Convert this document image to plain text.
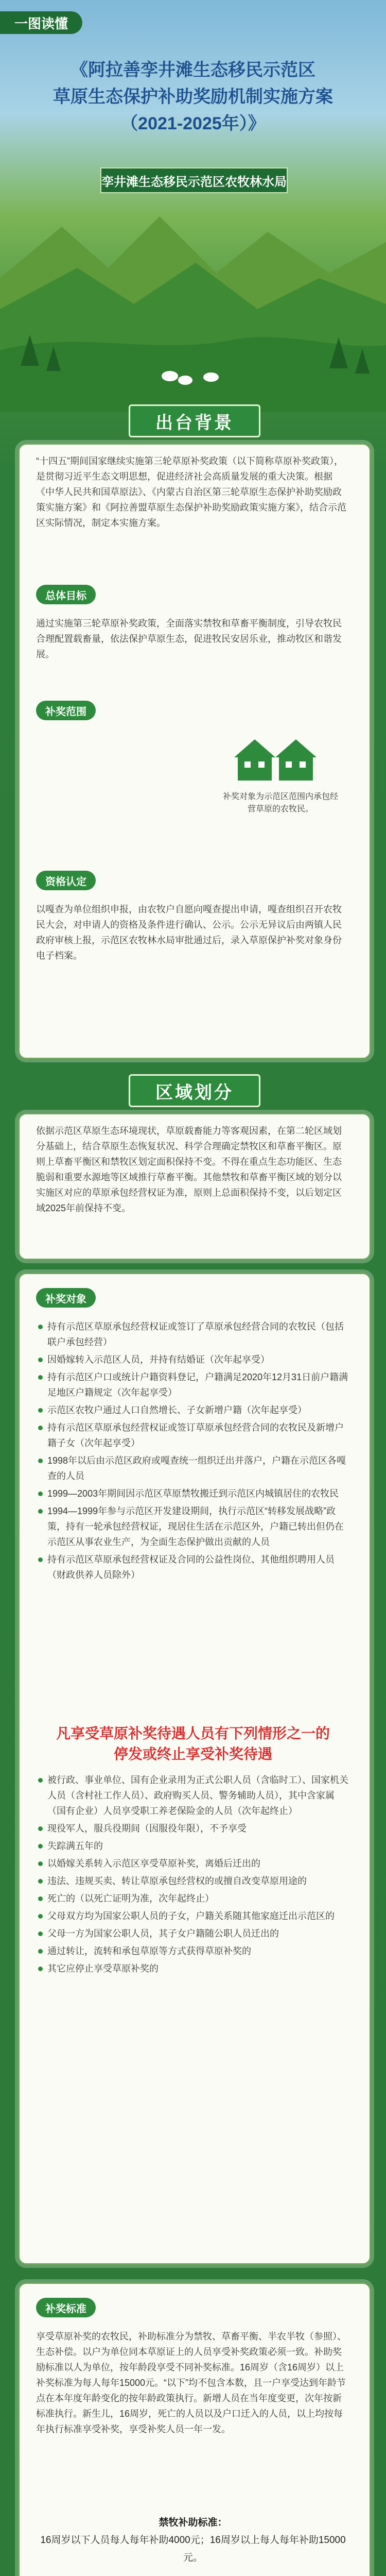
一图读懂
《阿拉善孪井滩生态移民示范区
草原生态保护补助奖励机制实施方案
（2021-2025年）》
孪井滩生态移民示范区农牧林水局
出台背景
“十四五”期间国家继续实施第三轮草原补奖政策（以下简称草原补奖政策），是贯彻习近平生态文明思想，促进经济社会高质量发展的重大决策。根据《中华人民共和国草原法》、《内蒙古自治区第三轮草原生态保护补助奖励政策实施方案》和《阿拉善盟草原生态保护补助奖励政策实施方案》，结合示范区实际情况，制定本实施方案。
总体目标
通过实施第三轮草原补奖政策，全面落实禁牧和草畜平衡制度，引导农牧民合理配置载畜量，依法保护草原生态，促进牧民安居乐业，推动牧区和谐发展。
补奖范围
补奖对象为示范区范围内承包经营草原的农牧民。
资格认定
以嘎查为单位组织申报，由农牧户自愿向嘎查提出申请，嘎查组织召开农牧民大会，对申请人的资格及条件进行确认、公示。公示无异议后由两镇人民政府审核上报，示范区农牧林水局审批通过后，录入草原保护补奖对象身份电子档案。
区域划分
依据示范区草原生态环境现状，草原载畜能力等客观因素，在第二轮区域划分基础上，结合草原生态恢复状况、科学合理确定禁牧区和草畜平衡区。原则上草畜平衡区和禁牧区划定面积保持不变。不得在重点生态功能区、生态脆弱和重要水源地等区域推行草畜平衡。其他禁牧和草畜平衡区域的划分以实施区对应的草原承包经营权证为准，原则上总面积保持不变，以后划定区域2025年前保持不变。
补奖对象
持有示范区草原承包经营权证或签订了草原承包经营合同的农牧民（包括联户承包经营）
因婚嫁转入示范区人员，并持有结婚证（次年起享受）
持有示范区户口或统计户籍资料登记，户籍满足2020年12月31日前户籍满足地区户籍规定（次年起享受）
示范区农牧户通过人口自然增长、子女新增户籍（次年起享受）
持有示范区草原承包经营权证或签订草原承包经营合同的农牧民及新增户籍子女（次年起享受）
1998年以后由示范区政府或嘎查统一组织迁出并落户，户籍在示范区各嘎查的人员
1999—2003年期间因示范区草原禁牧搬迁到示范区内城镇居住的农牧民
1994—1999年参与示范区开发建设期间，执行示范区“转移发展战略”政策，持有一轮承包经营权证，现居住生活在示范区外，户籍已转出但仍在示范区从事农业生产，为全面生态保护做出贡献的人员
持有示范区草原承包经营权证及合同的公益性岗位、其他组织聘用人员（财政供养人员除外）
凡享受草原补奖待遇人员有下列情形之一的
停发或终止享受补奖待遇
被行政、事业单位、国有企业录用为正式公职人员（含临时工）、国家机关人员（含村社工作人员）、政府购买人员、警务辅助人员），其中含家属（国有企业）人员享受职工养老保险金的人员（次年起终止）
现役军人，服兵役期间（因服役年限），不予享受
失踪满五年的
以婚嫁关系转入示范区享受草原补奖，离婚后迁出的
违法、违规买卖、转让草原承包经营权的或擅自改变草原用途的
死亡的（以死亡证明为准，次年起终止）
父母双方均为国家公职人员的子女，户籍关系随其他家庭迁出示范区的
父母一方为国家公职人员，其子女户籍随公职人员迁出的
通过转让，流转和承包草原等方式获得草原补奖的
其它应停止享受草原补奖的
补奖标准
享受草原补奖的农牧民，补助标准分为禁牧、草畜平衡、半农半牧（参照）、生态补偿。以户为单位同本草原证上的人员享受补奖政策必须一致。补助奖励标准以人为单位，按年龄段享受不同补奖标准。16周岁（含16周岁）以上补奖标准为每人每年15000元。“以下”均不包含本数，且一户享受达到年龄节点在本年度年龄变化的按年龄政策执行。新增人员在当年度变更，次年按新标准执行。新生儿，16周岁，死亡的人员以及户口迁入的人员，以上均按每年执行标准享受补奖，享受补奖人员一年一发。
禁牧补助标准：
16周岁以下人员每人每年补助4000元；16周岁以上每人每年补助15000元。
